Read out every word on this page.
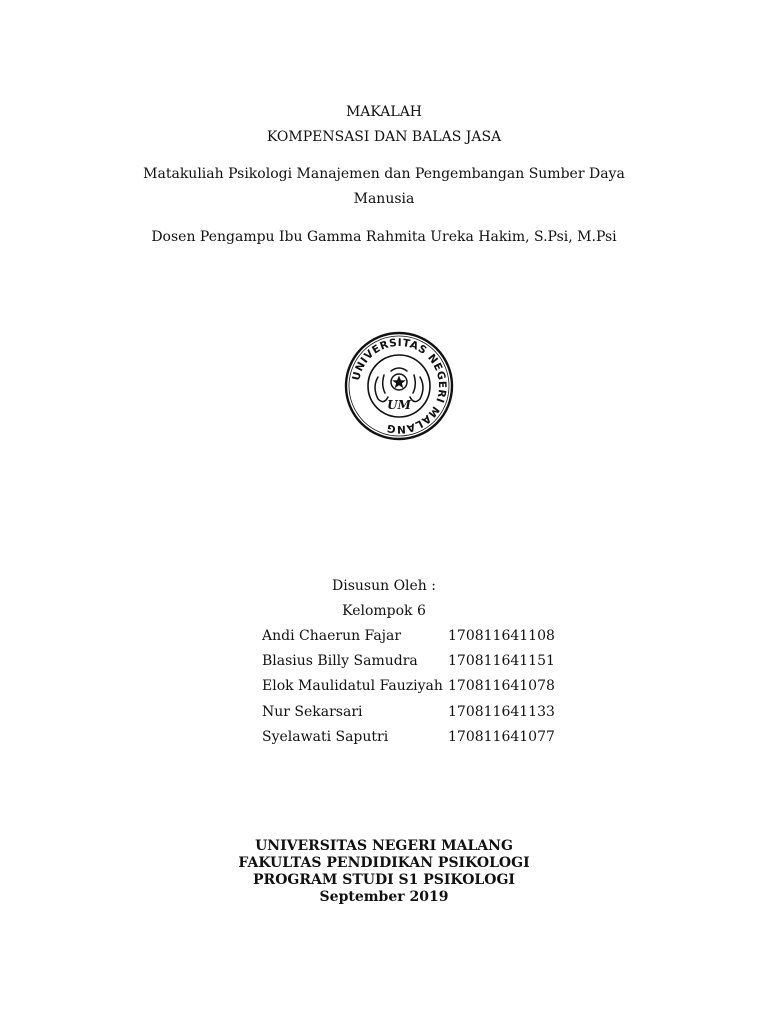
MAKALAH
KOMPENSASI DAN BALAS JASA
Matakuliah Psikologi Manajemen dan Pengembangan Sumber Daya
Manusia
Dosen Pengampu Ibu Gamma Rahmita Ureka Hakim, S.Psi, M.Psi
UNIVERSITAS NEGERI MALANG
UM
Disusun Oleh :
Kelompok 6
Andi Chaerun Fajar	170811641108
Blasius Billy Samudra 170811641151
Elok Maulidatul Fauziyah 170811641078
Nur Sekarsari	170811641133
Syelawati Saputri	170811641077
UNIVERSITAS NEGERI MALANG
FAKULTAS PENDIDIKAN PSIKOLOGI
PROGRAM STUDI S1 PSIKOLOGI
September 2019
